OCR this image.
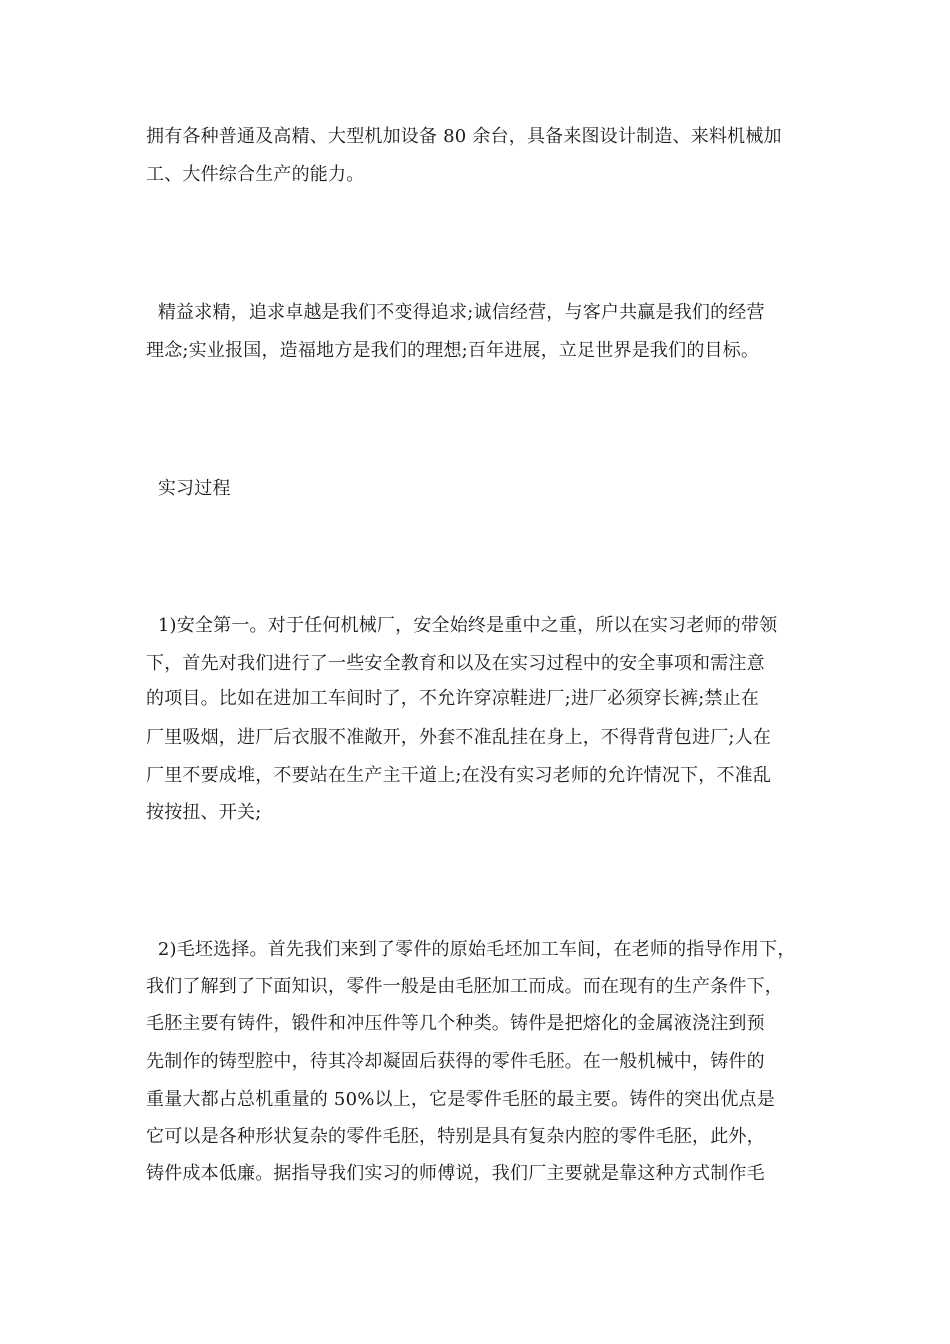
拥有各种普通及高精、大型机加设备 80 余台，具备来图设计制造、来料机械加
工、大件综合生产的能力。
精益求精，追求卓越是我们不变得追求;诚信经营，与客户共赢是我们的经营
理念;实业报国，造福地方是我们的理想;百年进展，立足世界是我们的目标。
实习过程
1)安全第一。对于任何机械厂，安全始终是重中之重，所以在实习老师的带领
下，首先对我们进行了一些安全教育和以及在实习过程中的安全事项和需注意
的项目。比如在进加工车间时了，不允许穿凉鞋进厂;进厂必须穿长裤;禁止在
厂里吸烟，进厂后衣服不准敞开，外套不准乱挂在身上，不得背背包进厂;人在
厂里不要成堆，不要站在生产主干道上;在没有实习老师的允许情况下，不准乱
按按扭、开关;
2)毛坯选择。首先我们来到了零件的原始毛坯加工车间，在老师的指导作用下，
我们了解到了下面知识，零件一般是由毛胚加工而成。而在现有的生产条件下，
毛胚主要有铸件，锻件和冲压件等几个种类。铸件是把熔化的金属液浇注到预
先制作的铸型腔中，待其冷却凝固后获得的零件毛胚。在一般机械中，铸件的
重量大都占总机重量的 50%以上，它是零件毛胚的最主要。铸件的突出优点是
它可以是各种形状复杂的零件毛胚，特别是具有复杂内腔的零件毛胚，此外，
铸件成本低廉。据指导我们实习的师傅说，我们厂主要就是靠这种方式制作毛
